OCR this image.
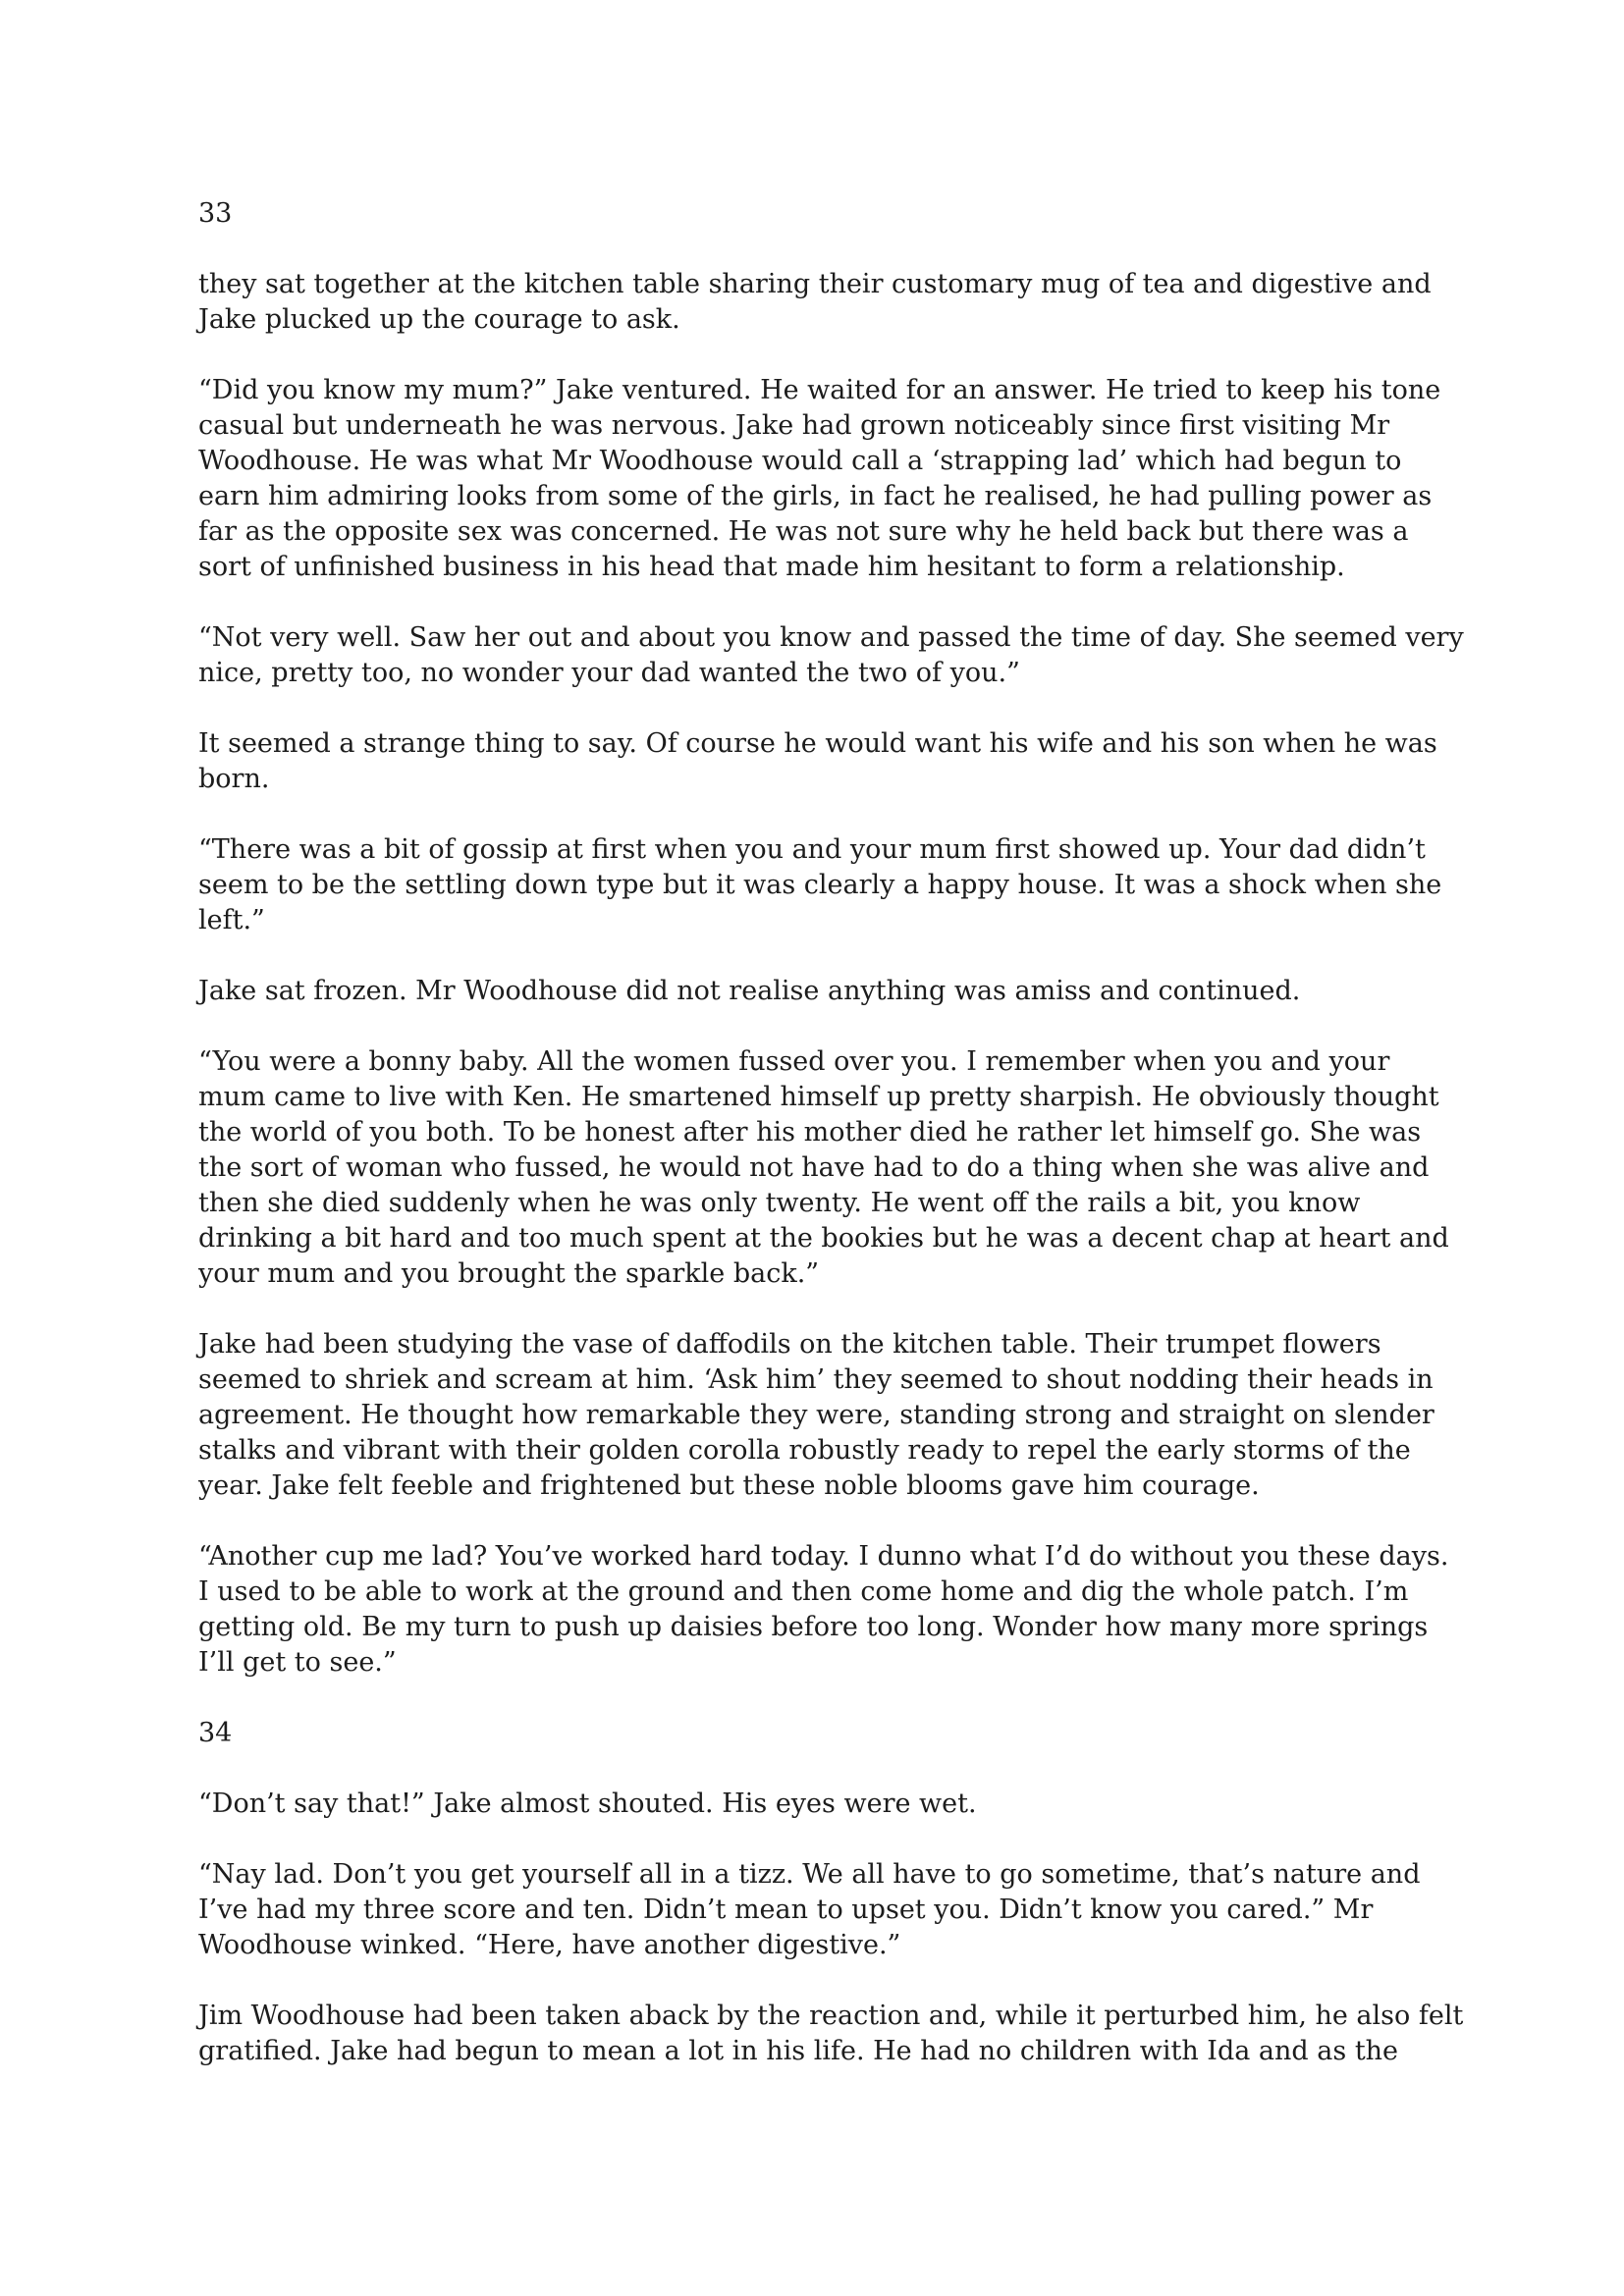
33

they sat together at the kitchen table sharing their customary mug of tea and digestive and Jake plucked up the courage to ask.

“Did you know my mum?” Jake ventured. He waited for an answer. He tried to keep his tone casual but underneath he was nervous. Jake had grown noticeably since first visiting Mr Woodhouse. He was what Mr Woodhouse would call a ‘strapping lad’ which had begun to earn him admiring looks from some of the girls, in fact he realised, he had pulling power as far as the opposite sex was concerned. He was not sure why he held back but there was a sort of unfinished business in his head that made him hesitant to form a relationship.

“Not very well. Saw her out and about you know and passed the time of day. She seemed very nice, pretty too, no wonder your dad wanted the two of you.”

It seemed a strange thing to say. Of course he would want his wife and his son when he was born.

“There was a bit of gossip at first when you and your mum first showed up. Your dad didn’t seem to be the settling down type but it was clearly a happy house. It was a shock when she left.”

Jake sat frozen. Mr Woodhouse did not realise anything was amiss and continued.

“You were a bonny baby. All the women fussed over you. I remember when you and your mum came to live with Ken. He smartened himself up pretty sharpish. He obviously thought the world of you both. To be honest after his mother died he rather let himself go. She was the sort of woman who fussed, he would not have had to do a thing when she was alive and then she died suddenly when he was only twenty. He went off the rails a bit, you know drinking a bit hard and too much spent at the bookies but he was a decent chap at heart and your mum and you brought the sparkle back.”

Jake had been studying the vase of daffodils on the kitchen table. Their trumpet flowers seemed to shriek and scream at him. ‘Ask him’ they seemed to shout nodding their heads in agreement. He thought how remarkable they were, standing strong and straight on slender stalks and vibrant with their golden corolla robustly ready to repel the early storms of the year. Jake felt feeble and frightened but these noble blooms gave him courage.

“Another cup me lad? You’ve worked hard today. I dunno what I’d do without you these days. I used to be able to work at the ground and then come home and dig the whole patch. I’m getting old. Be my turn to push up daisies before too long. Wonder how many more springs I’ll get to see.”

34

“Don’t say that!” Jake almost shouted. His eyes were wet.

“Nay lad. Don’t you get yourself all in a tizz. We all have to go sometime, that’s nature and I’ve had my three score and ten. Didn’t mean to upset you. Didn’t know you cared.” Mr Woodhouse winked. “Here, have another digestive.”

Jim Woodhouse had been taken aback by the reaction and, while it perturbed him, he also felt gratified. Jake had begun to mean a lot in his life. He had no children with Ida and as the
